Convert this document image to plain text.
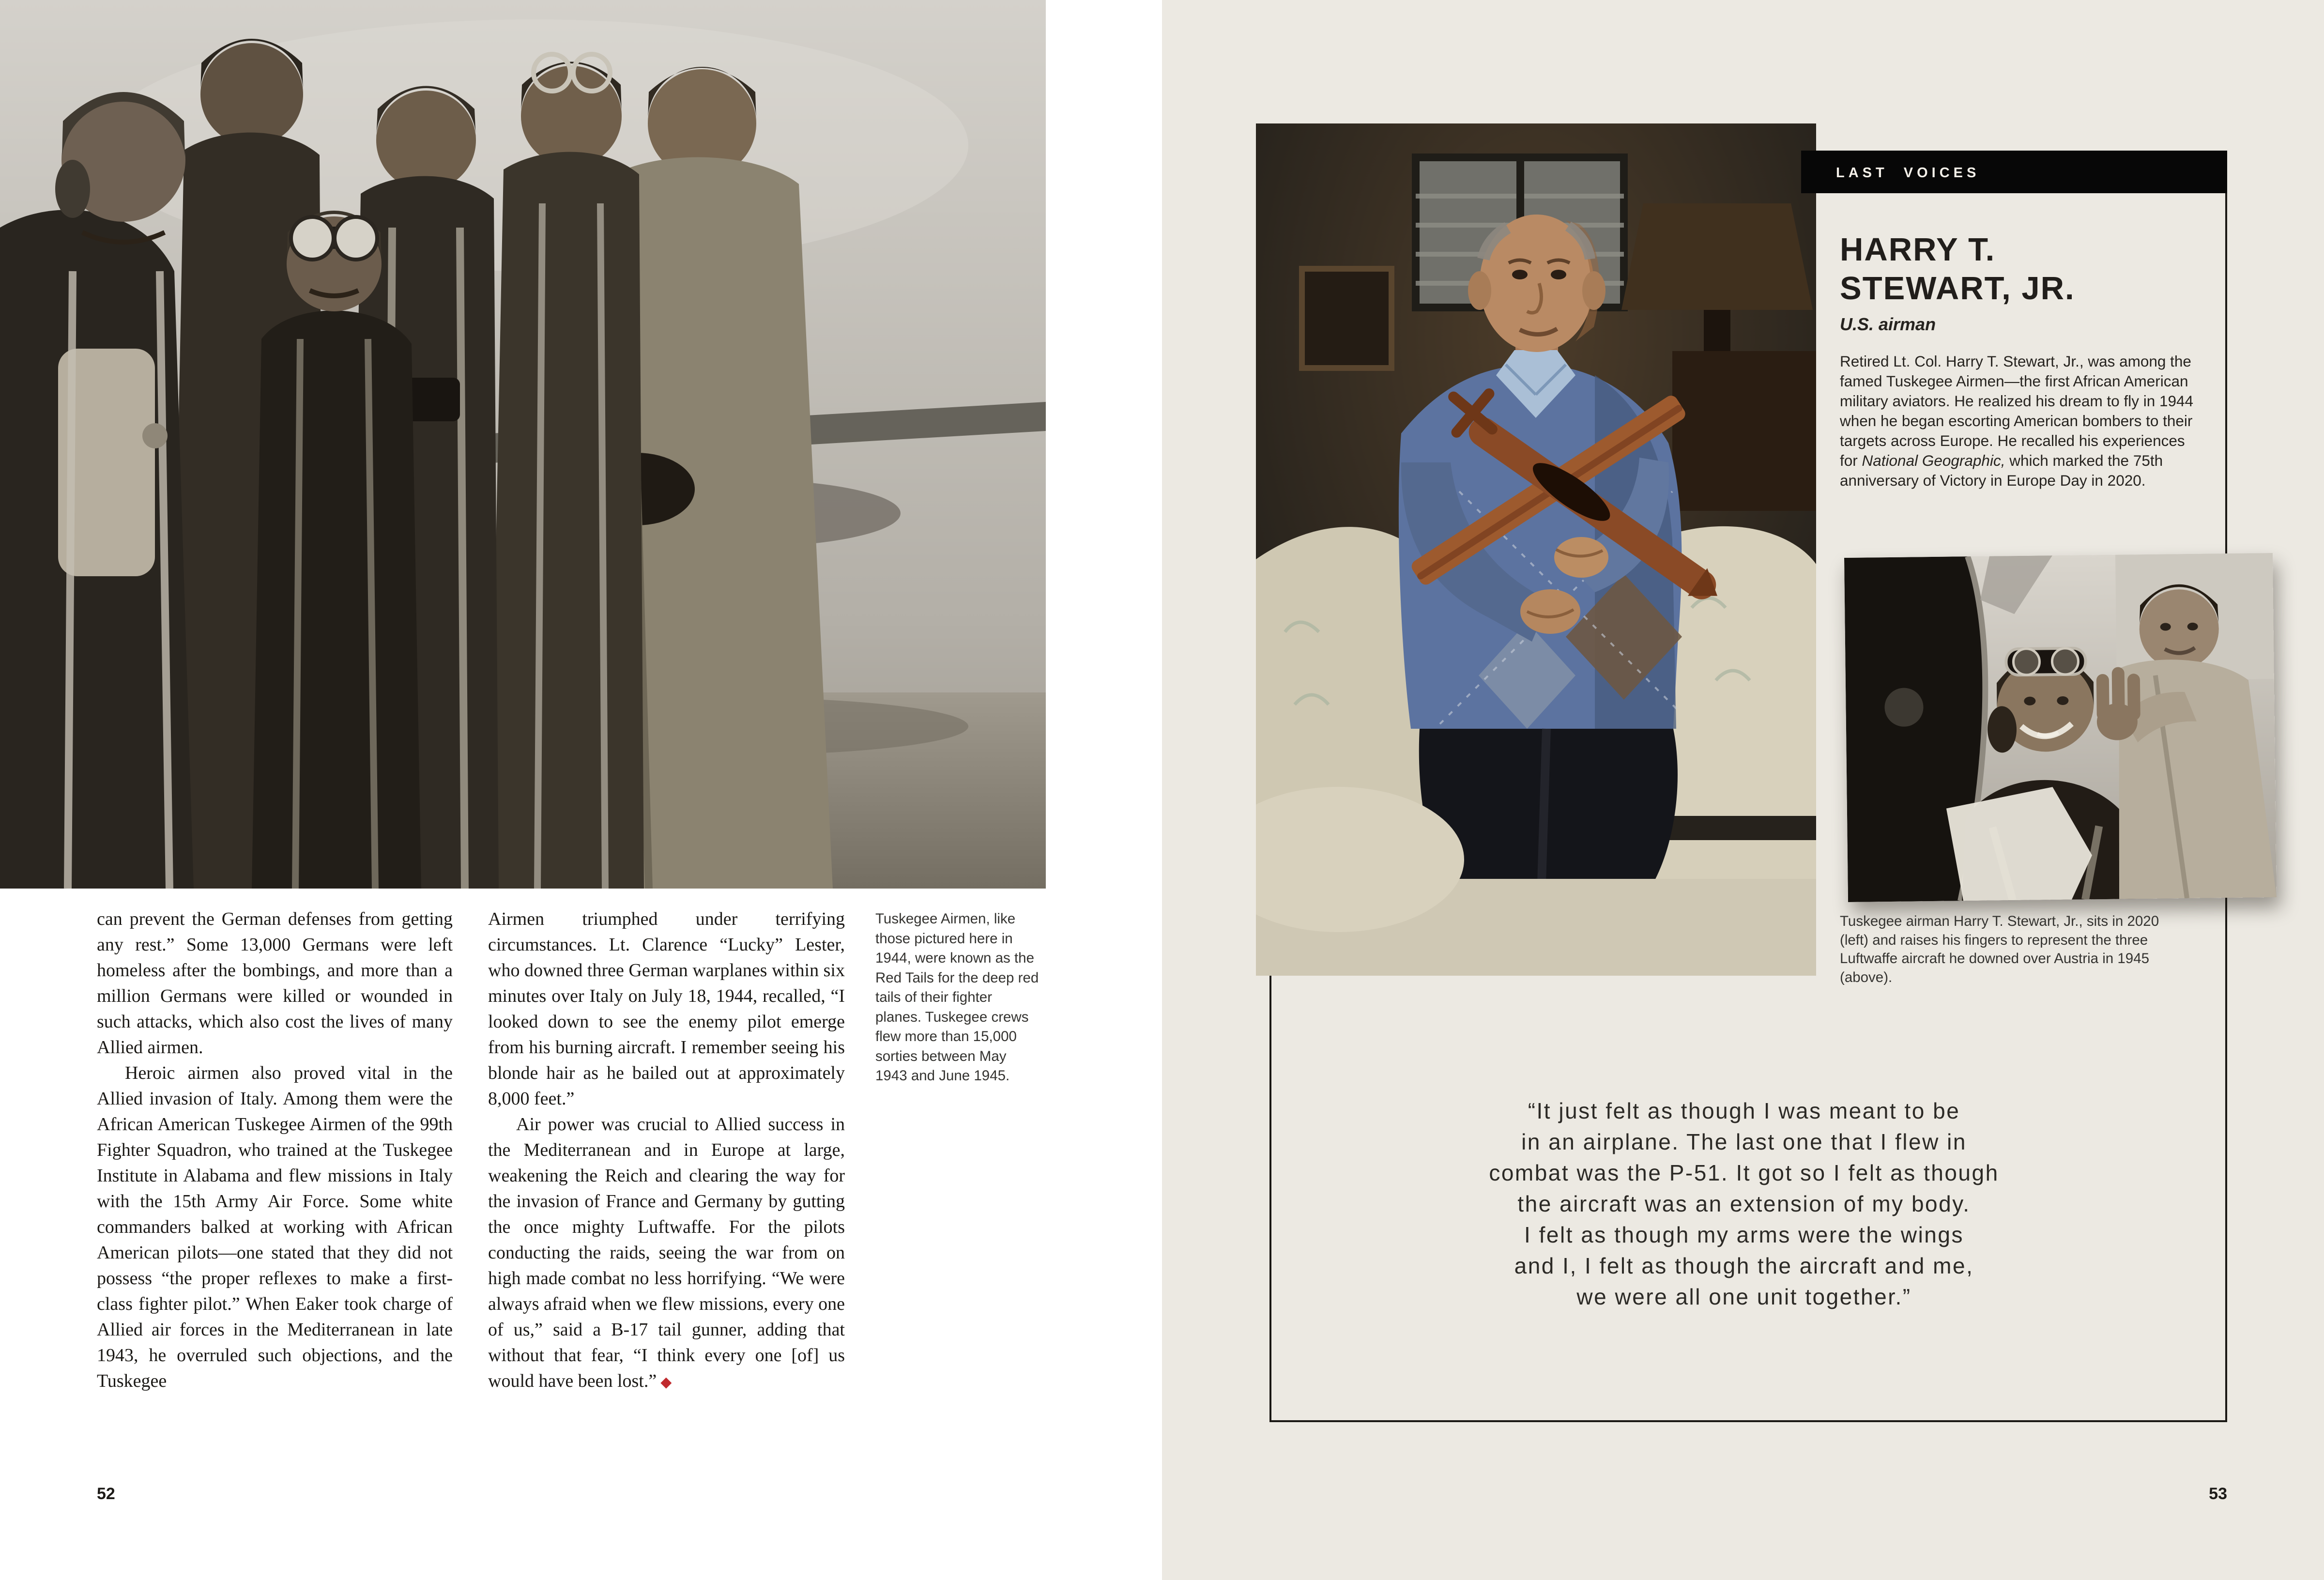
can prevent the German defenses from getting any rest.” Some 13,000 Germans were left homeless after the bombings, and more than a million Germans were killed or wounded in such attacks, which also cost the lives of many Allied airmen.

Heroic airmen also proved vital in the Allied invasion of Italy. Among them were the African American Tuskegee Airmen of the 99th Fighter Squadron, who trained at the Tuskegee Institute in Alabama and flew missions in Italy with the 15th Army Air Force. Some white commanders balked at working with African American pilots—one stated that they did not possess “the proper reflexes to make a first-class fighter pilot.” When Eaker took charge of Allied air forces in the Mediterranean in late 1943, he overruled such objections, and the Tuskegee

Airmen triumphed under terrifying circumstances. Lt. Clarence “Lucky” Lester, who downed three German warplanes within six minutes over Italy on July 18, 1944, recalled, “I looked down to see the enemy pilot emerge from his burning aircraft. I remember seeing his blonde hair as he bailed out at approximately 8,000 feet.”

Air power was crucial to Allied success in the Mediterranean and in Europe at large, weakening the Reich and clearing the way for the invasion of France and Germany by gutting the once mighty Luftwaffe. For the pilots conducting the raids, seeing the war from on high made combat no less horrifying. “We were always afraid when we flew missions, every one of us,” said a B-17 tail gunner, adding that without that fear, “I think every one [of] us would have been lost.” ◆

Tuskegee Airmen, like those pictured here in 1944, were known as the Red Tails for the deep red tails of their fighter planes. Tuskegee crews flew more than 15,000 sorties between May 1943 and June 1945.
52
LAST VOICES
HARRY T.
STEWART, JR.
U.S. airman
Retired Lt. Col. Harry T. Stewart, Jr., was among the famed Tuskegee Airmen—the first African American military aviators. He realized his dream to fly in 1944 when he began escorting American bombers to their targets across Europe. He recalled his experiences for National Geographic, which marked the 75th anniversary of Victory in Europe Day in 2020.
Tuskegee airman Harry T. Stewart, Jr., sits in 2020 (left) and raises his fingers to represent the three Luftwaffe aircraft he downed over Austria in 1945 (above).
“It just felt as though I was meant to be
in an airplane. The last one that I flew in
combat was the P-51. It got so I felt as though
the aircraft was an extension of my body.
I felt as though my arms were the wings
and I, I felt as though the aircraft and me,
we were all one unit together.”
53
